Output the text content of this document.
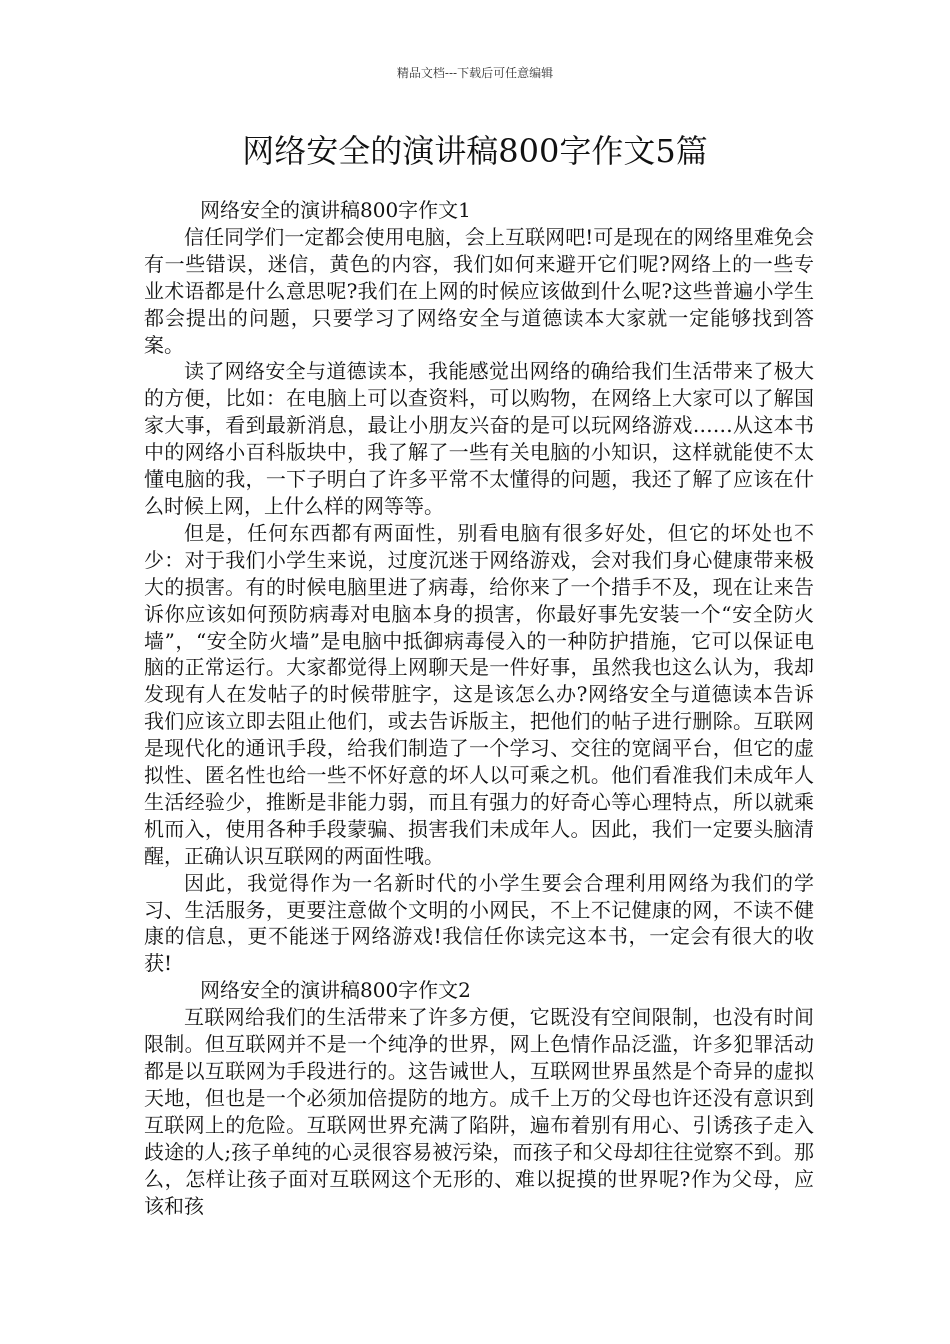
精品文档---下载后可任意编辑
网络安全的演讲稿800字作文5篇

网络安全的演讲稿800字作文1

信任同学们一定都会使用电脑，会上互联网吧!可是现在的网络里难免会有一些错误，迷信，黄色的内容，我们如何来避开它们呢?网络上的一些专业术语都是什么意思呢?我们在上网的时候应该做到什么呢?这些普遍小学生都会提出的问题，只要学习了网络安全与道德读本大家就一定能够找到答案。

读了网络安全与道德读本，我能感觉出网络的确给我们生活带来了极大的方便，比如：在电脑上可以查资料，可以购物，在网络上大家可以了解国家大事，看到最新消息，最让小朋友兴奋的是可以玩网络游戏……从这本书中的网络小百科版块中，我了解了一些有关电脑的小知识，这样就能使不太懂电脑的我，一下子明白了许多平常不太懂得的问题，我还了解了应该在什么时候上网，上什么样的网等等。

但是，任何东西都有两面性，别看电脑有很多好处，但它的坏处也不少：对于我们小学生来说，过度沉迷于网络游戏，会对我们身心健康带来极大的损害。有的时候电脑里进了病毒，给你来了一个措手不及，现在让来告诉你应该如何预防病毒对电脑本身的损害，你最好事先安装一个“安全防火墙”，“安全防火墙”是电脑中抵御病毒侵入的一种防护措施，它可以保证电脑的正常运行。大家都觉得上网聊天是一件好事，虽然我也这么认为，我却发现有人在发帖子的时候带脏字，这是该怎么办?网络安全与道德读本告诉我们应该立即去阻止他们，或去告诉版主，把他们的帖子进行删除。互联网是现代化的通讯手段，给我们制造了一个学习、交往的宽阔平台，但它的虚拟性、匿名性也给一些不怀好意的坏人以可乘之机。他们看准我们未成年人生活经验少，推断是非能力弱，而且有强力的好奇心等心理特点，所以就乘机而入，使用各种手段蒙骗、损害我们未成年人。因此，我们一定要头脑清醒，正确认识互联网的两面性哦。

因此，我觉得作为一名新时代的小学生要会合理利用网络为我们的学习、生活服务，更要注意做个文明的小网民，不上不记健康的网，不读不健康的信息，更不能迷于网络游戏!我信任你读完这本书，一定会有很大的收获!

网络安全的演讲稿800字作文2

互联网给我们的生活带来了许多方便，它既没有空间限制，也没有时间限制。但互联网并不是一个纯净的世界，网上色情作品泛滥，许多犯罪活动都是以互联网为手段进行的。这告诫世人，互联网世界虽然是个奇异的虚拟天地，但也是一个必须加倍提防的地方。成千上万的父母也许还没有意识到互联网上的危险。互联网世界充满了陷阱，遍布着别有用心、引诱孩子走入歧途的人;孩子单纯的心灵很容易被污染，而孩子和父母却往往觉察不到。那么，怎样让孩子面对互联网这个无形的、难以捉摸的世界呢?作为父母，应该和孩
